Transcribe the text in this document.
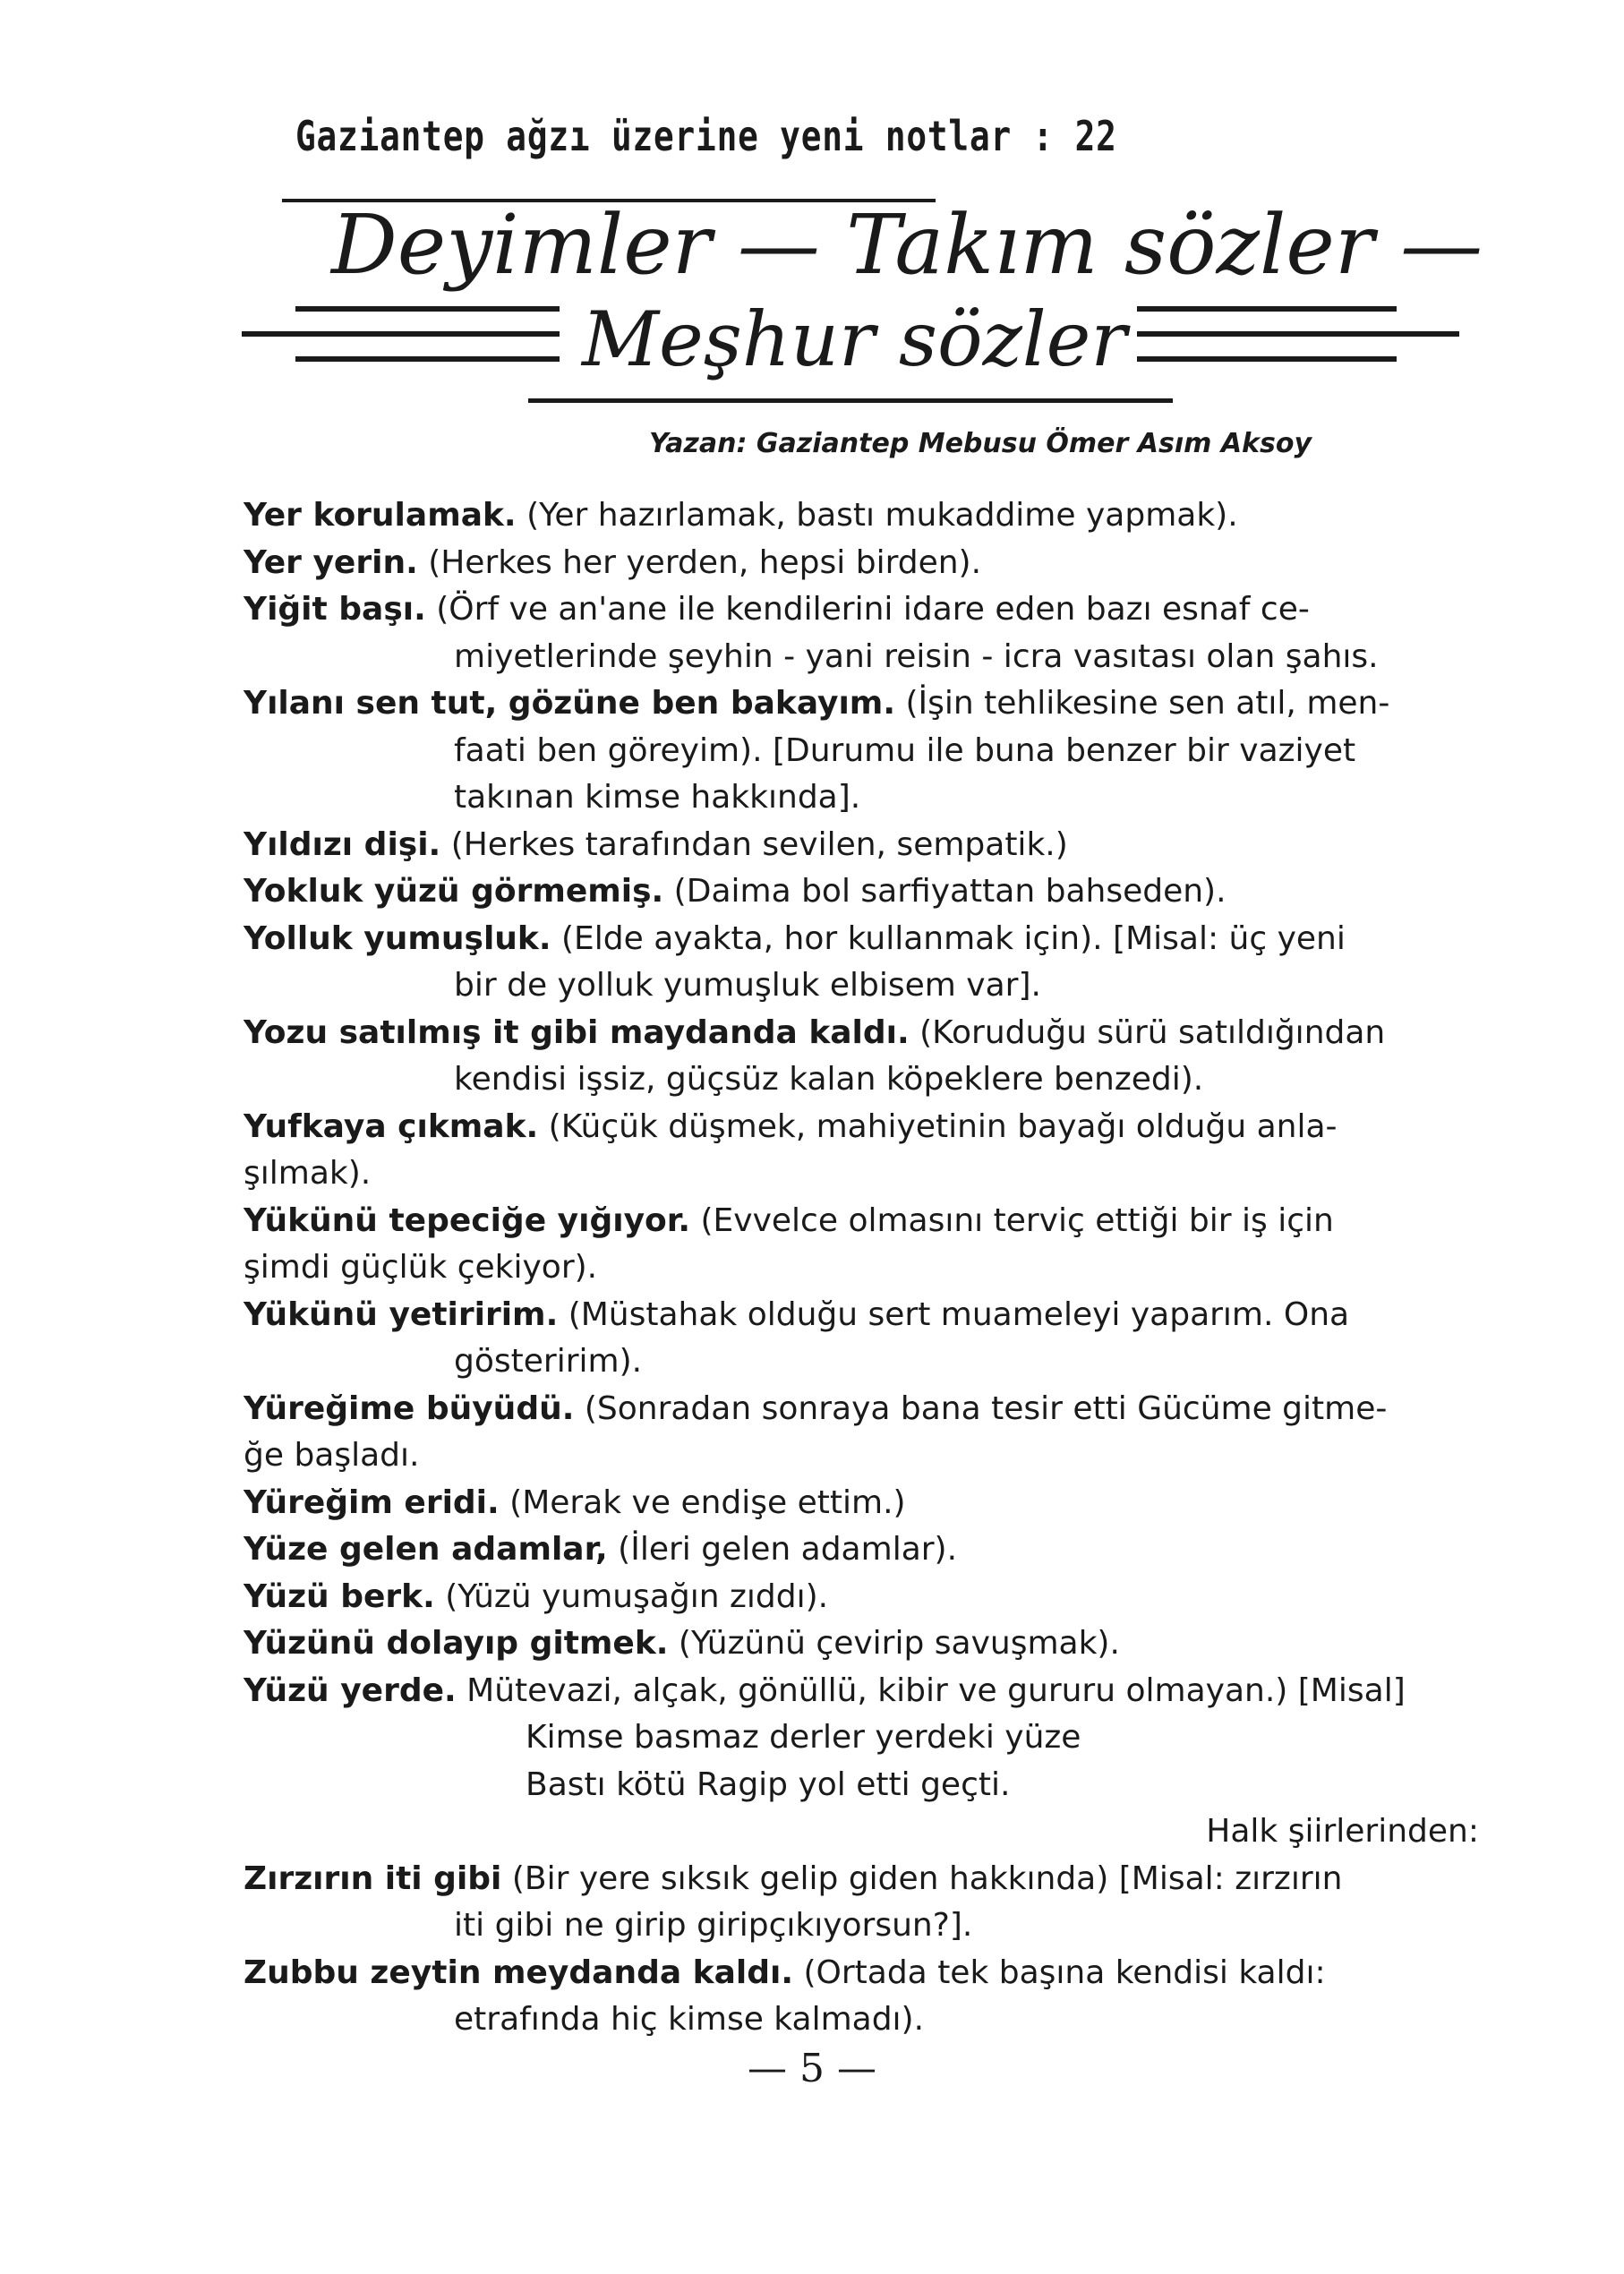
Gaziantep ağzı üzerine yeni notlar : 22
Deyimler — Takım sözler —
Meşhur sözler
Yazan: Gaziantep Mebusu Ömer Asım Aksoy
Yer korulamak. (Yer hazırlamak, bastı mukaddime yapmak).
Yer yerin. (Herkes her yerden, hepsi birden).
Yiğit başı. (Örf ve an'ane ile kendilerini idare eden bazı esnaf ce-
miyetlerinde şeyhin - yani reisin - icra vasıtası olan şahıs.
Yılanı sen tut, gözüne ben bakayım. (İşin tehlikesine sen atıl, men-
faati ben göreyim). [Durumu ile buna benzer bir vaziyet
takınan kimse hakkında].
Yıldızı dişi. (Herkes tarafından sevilen, sempatik.)
Yokluk yüzü görmemiş. (Daima bol sarfiyattan bahseden).
Yolluk yumuşluk. (Elde ayakta, hor kullanmak için). [Misal: üç yeni
bir de yolluk yumuşluk elbisem var].
Yozu satılmış it gibi maydanda kaldı. (Koruduğu sürü satıldığından
kendisi işsiz, güçsüz kalan köpeklere benzedi).
Yufkaya çıkmak. (Küçük düşmek, mahiyetinin bayağı olduğu anla-
şılmak).
Yükünü tepeciğe yığıyor. (Evvelce olmasını terviç ettiği bir iş için
şimdi güçlük çekiyor).
Yükünü yetiririm. (Müstahak olduğu sert muameleyi yaparım. Ona
gösteririm).
Yüreğime büyüdü. (Sonradan sonraya bana tesir etti Gücüme gitme-
ğe başladı.
Yüreğim eridi. (Merak ve endişe ettim.)
Yüze gelen adamlar, (İleri gelen adamlar).
Yüzü berk. (Yüzü yumuşağın zıddı).
Yüzünü dolayıp gitmek. (Yüzünü çevirip savuşmak).
Yüzü yerde. Mütevazi, alçak, gönüllü, kibir ve gururu olmayan.) [Misal]
Kimse basmaz derler yerdeki yüze
Bastı kötü Ragip yol etti geçti.
Halk şiirlerinden:
Zırzırın iti gibi (Bir yere sıksık gelip giden hakkında) [Misal: zırzırın
iti gibi ne girip giripçıkıyorsun?].
Zubbu zeytin meydanda kaldı. (Ortada tek başına kendisi kaldı:
etrafında hiç kimse kalmadı).
— 5 —
